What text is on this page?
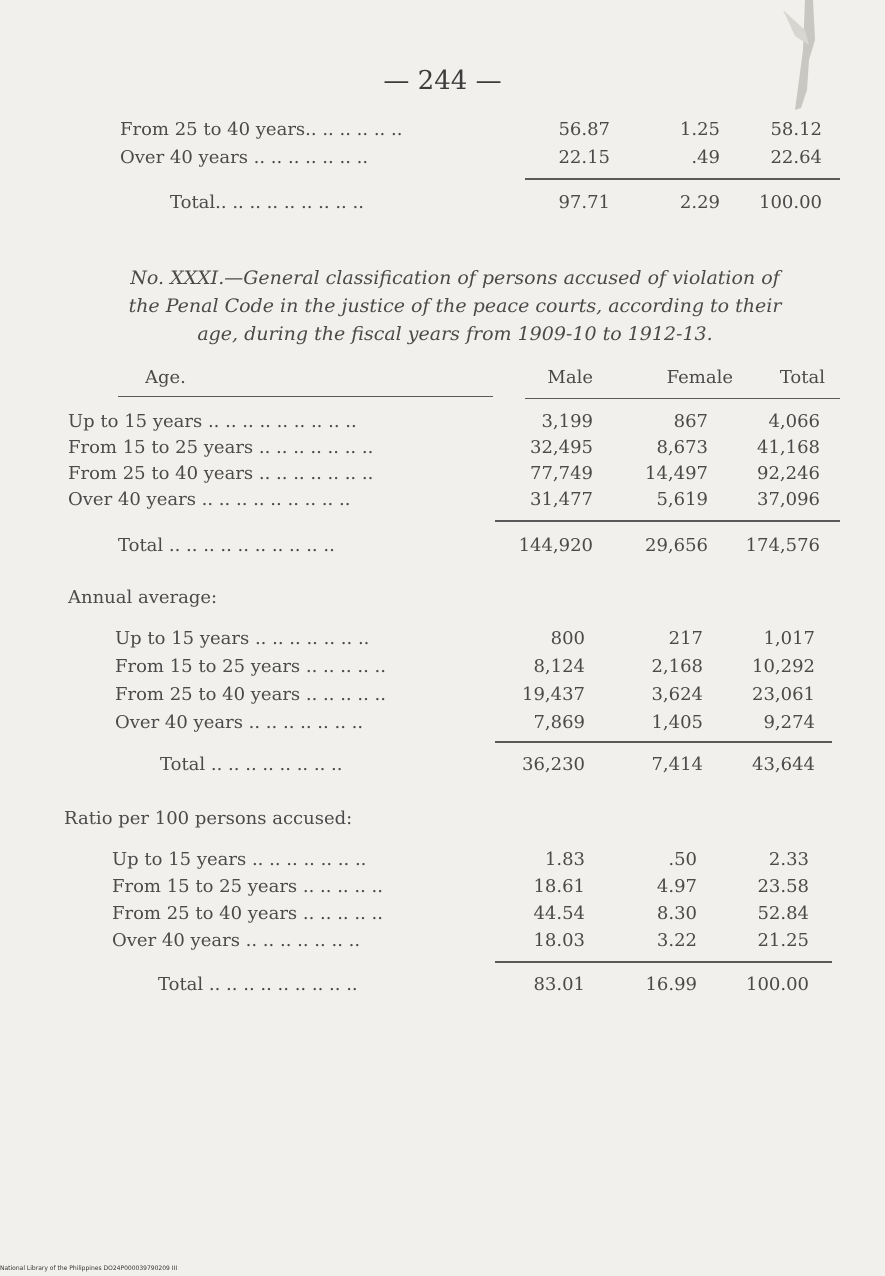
— 244 —
From 25 to 40 years.. .. .. .. .. ..	56.87	1.25	58.12
Over 40 years .. .. .. .. .. .. ..	22.15	.49	22.64
Total.. .. .. .. .. .. .. .. ..	97.71	2.29	100.00
No. XXXI.—General classification of persons accused of violation of
the Penal Code in the justice of the peace courts, according to their
age, during the fiscal years from 1909-10 to 1912-13.
Age.	Male	Female	Total
Up to 15 years .. .. .. .. .. .. .. .. ..	3,199	867	4,066
From 15 to 25 years .. .. .. .. .. .. ..	32,495	8,673	41,168
From 25 to 40 years .. .. .. .. .. .. ..	77,749	14,497	92,246
Over 40 years .. .. .. .. .. .. .. .. ..	31,477	5,619	37,096
Total .. .. .. .. .. .. .. .. .. ..	144,920	29,656	174,576
Annual average:
Up to 15 years .. .. .. .. .. .. ..	800	217	1,017
From 15 to 25 years .. .. .. .. ..	8,124	2,168	10,292
From 25 to 40 years .. .. .. .. ..	19,437	3,624	23,061
Over 40 years .. .. .. .. .. .. ..	7,869	1,405	9,274
Total .. .. .. .. .. .. .. ..	36,230	7,414	43,644
Ratio per 100 persons accused:
Up to 15 years .. .. .. .. .. .. ..	1.83	.50	2.33
From 15 to 25 years .. .. .. .. ..	18.61	4.97	23.58
From 25 to 40 years .. .. .. .. ..	44.54	8.30	52.84
Over 40 years .. .. .. .. .. .. ..	18.03	3.22	21.25
Total .. .. .. .. .. .. .. .. ..	83.01	16.99	100.00
National Library of the Philippines DO24P000039790209 III
